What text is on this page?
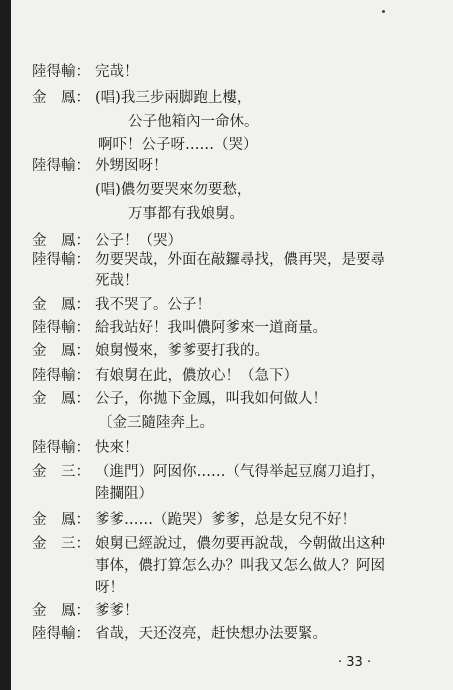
陸得輸： 完哉！
金　鳳： (唱)我三步兩脚跑上樓，
公子他箱內一命休。
啊吓！公子呀……（哭）
陸得輸： 外甥囡呀！
(唱)儂勿要哭來勿要愁，
万事都有我娘舅。
金　鳳： 公子！（哭）
陸得輸： 勿要哭哉，外面在敲鑼尋找，儂再哭，是要尋
死哉！
金　鳳： 我不哭了。公子！
陸得輸： 給我站好！我叫儂阿爹來一道商量。
金　鳳： 娘舅慢來，爹爹要打我的。
陸得輸： 有娘舅在此，儂放心！（急下）
金　鳳： 公子，你拋下金鳳，叫我如何做人！
〔金三隨陸奔上。
陸得輸： 快來！
金　三： （進門）阿囡你……（气得举起豆腐刀追打，
陸攔阻）
金　鳳： 爹爹……（跪哭）爹爹，总是女兒不好！
金　三： 娘舅已經說过，儂勿要再說哉，今朝做出这种
事体，儂打算怎么办？叫我又怎么做人？阿囡
呀！
金　鳳： 爹爹！
陸得輸： 省哉，天还沒亮，赶快想办法要緊。
· 33 ·
